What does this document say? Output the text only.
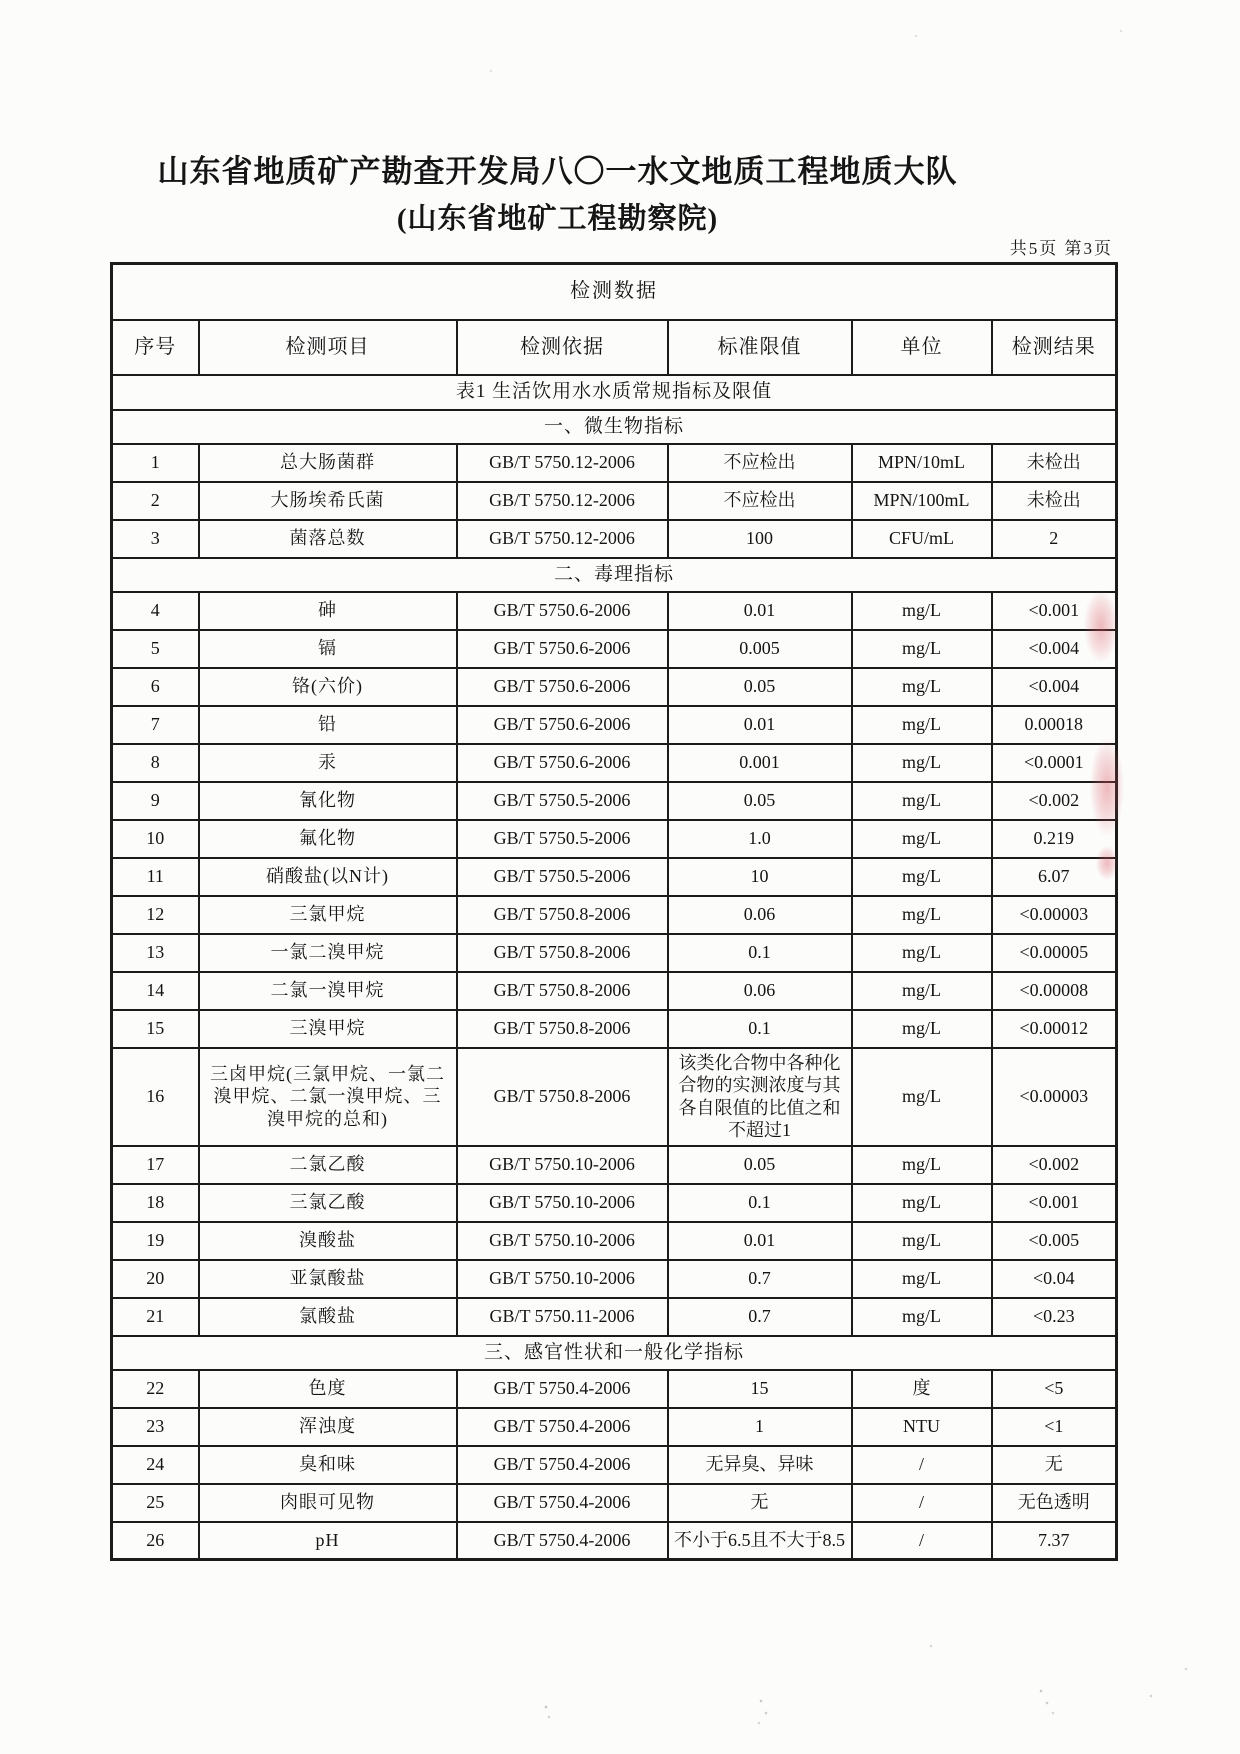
山东省地质矿产勘查开发局八〇一水文地质工程地质大队
(山东省地矿工程勘察院)
共5页 第3页
检测数据					
序号	检测项目	检测依据	标准限值	单位	检测结果
表1 生活饮用水水质常规指标及限值					
一、微生物指标					
1	总大肠菌群	GB/T 5750.12-2006	不应检出	MPN/10mL	未检出
2	大肠埃希氏菌	GB/T 5750.12-2006	不应检出	MPN/100mL	未检出
3	菌落总数	GB/T 5750.12-2006	100	CFU/mL	2
二、毒理指标					
4	砷	GB/T 5750.6-2006	0.01	mg/L	<0.001
5	镉	GB/T 5750.6-2006	0.005	mg/L	<0.004
6	铬(六价)	GB/T 5750.6-2006	0.05	mg/L	<0.004
7	铅	GB/T 5750.6-2006	0.01	mg/L	0.00018
8	汞	GB/T 5750.6-2006	0.001	mg/L	<0.0001
9	氰化物	GB/T 5750.5-2006	0.05	mg/L	<0.002
10	氟化物	GB/T 5750.5-2006	1.0	mg/L	0.219
11	硝酸盐(以N计)	GB/T 5750.5-2006	10	mg/L	6.07
12	三氯甲烷	GB/T 5750.8-2006	0.06	mg/L	<0.00003
13	一氯二溴甲烷	GB/T 5750.8-2006	0.1	mg/L	<0.00005
14	二氯一溴甲烷	GB/T 5750.8-2006	0.06	mg/L	<0.00008
15	三溴甲烷	GB/T 5750.8-2006	0.1	mg/L	<0.00012
16	三卤甲烷(三氯甲烷、一氯二溴甲烷、二氯一溴甲烷、三溴甲烷的总和)	GB/T 5750.8-2006	该类化合物中各种化合物的实测浓度与其各自限值的比值之和不超过1	mg/L	<0.00003
17	二氯乙酸	GB/T 5750.10-2006	0.05	mg/L	<0.002
18	三氯乙酸	GB/T 5750.10-2006	0.1	mg/L	<0.001
19	溴酸盐	GB/T 5750.10-2006	0.01	mg/L	<0.005
20	亚氯酸盐	GB/T 5750.10-2006	0.7	mg/L	<0.04
21	氯酸盐	GB/T 5750.11-2006	0.7	mg/L	<0.23
三、感官性状和一般化学指标					
22	色度	GB/T 5750.4-2006	15	度	<5
23	浑浊度	GB/T 5750.4-2006	1	NTU	<1
24	臭和味	GB/T 5750.4-2006	无异臭、异味	/	无
25	肉眼可见物	GB/T 5750.4-2006	无	/	无色透明
26	pH	GB/T 5750.4-2006	不小于6.5且不大于8.5	/	7.37
